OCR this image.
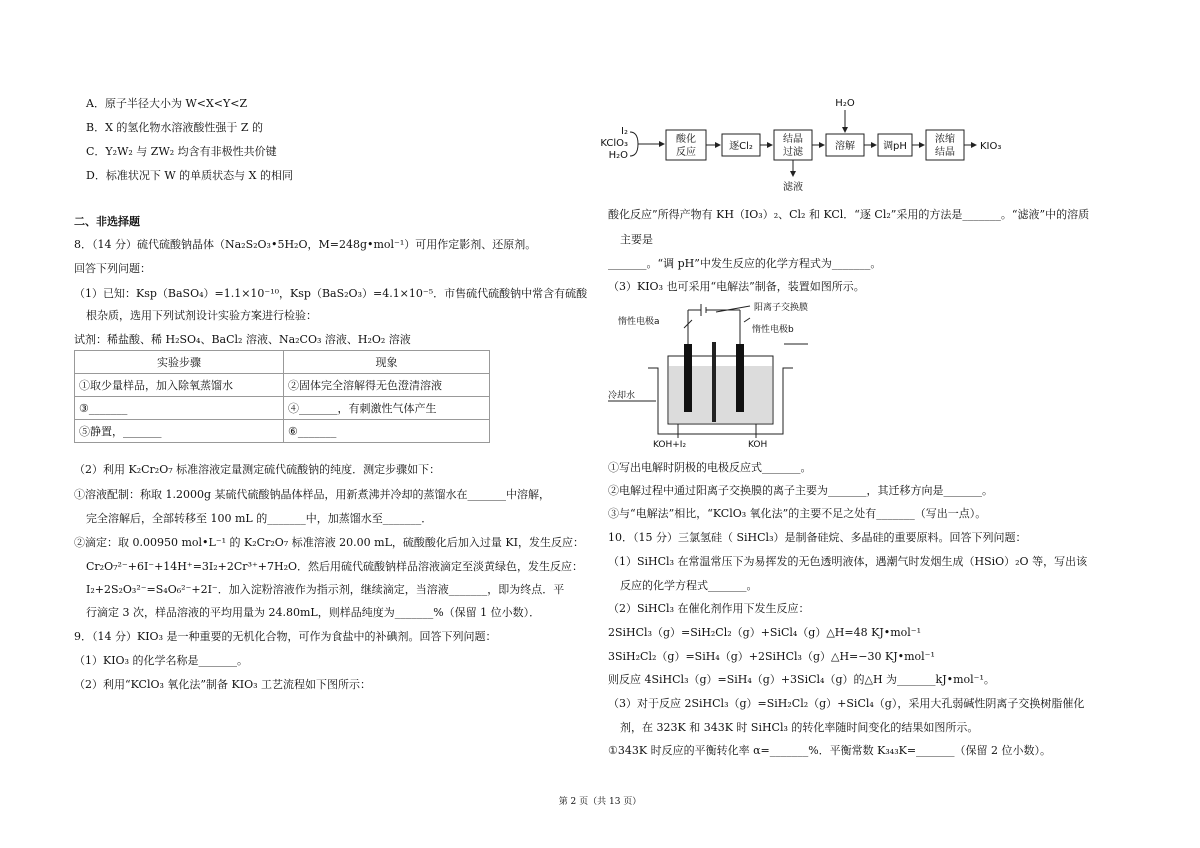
A．原子半径大小为 W<X<Y<Z
B．X 的氢化物水溶液酸性强于 Z 的
C．Y₂W₂ 与 ZW₂ 均含有非极性共价键
D．标准状况下 W 的单质状态与 X 的相同
二、非选择题
8．（14 分）硫代硫酸钠晶体（Na₂S₂O₃•5H₂O，M=248g•mol⁻¹）可用作定影剂、还原剂。
回答下列问题：
（1）已知：Ksp（BaSO₄）=1.1×10⁻¹⁰，Ksp（BaS₂O₃）=4.1×10⁻⁵．市售硫代硫酸钠中常含有硫酸
根杂质，选用下列试剂设计实验方案进行检验：
试剂：稀盐酸、稀 H₂SO₄、BaCl₂ 溶液、Na₂CO₃ 溶液、H₂O₂ 溶液
实验步骤	现象
①取少量样品，加入除氧蒸馏水	②固体完全溶解得无色澄清溶液
③_______	④_______，有刺激性气体产生
⑤静置，_______	⑥_______
（2）利用 K₂Cr₂O₇ 标准溶液定量测定硫代硫酸钠的纯度．测定步骤如下：
①溶液配制：称取 1.2000g 某硫代硫酸钠晶体样品，用新煮沸并冷却的蒸馏水在_______中溶解，
完全溶解后，全部转移至 100 mL 的_______中，加蒸馏水至_______．
②滴定：取 0.00950 mol•L⁻¹ 的 K₂Cr₂O₇ 标准溶液 20.00 mL，硫酸酸化后加入过量 KI，发生反应：
Cr₂O₇²⁻+6I⁻+14H⁺=3I₂+2Cr³⁺+7H₂O．然后用硫代硫酸钠样品溶液滴定至淡黄绿色，发生反应：
I₂+2S₂O₃²⁻=S₄O₆²⁻+2I⁻．加入淀粉溶液作为指示剂，继续滴定，当溶液_______，即为终点．平
行滴定 3 次，样品溶液的平均用量为 24.80mL，则样品纯度为_______%（保留 1 位小数）．
9．（14 分）KIO₃ 是一种重要的无机化合物，可作为食盐中的补碘剂。回答下列问题：
（1）KIO₃ 的化学名称是_______。
（2）利用“KClO₃ 氧化法”制备 KIO₃ 工艺流程如下图所示：
I₂
KClO₃
H₂O
酸化
反应
逐Cl₂
结晶
过滤
溶解
H₂O
调pH
浓缩
结晶
滤液
KIO₃
酸化反应”所得产物有 KH（IO₃）₂、Cl₂ 和 KCl．“逐 Cl₂”采用的方法是_______。“滤液”中的溶质
主要是
_______。“调 pH”中发生反应的化学方程式为_______。
（3）KIO₃ 也可采用“电解法”制备，装置如图所示。
惰性电极a
阳离子交换膜
惰性电极b
冷却水
KOH+I₂	KOH
①写出电解时阴极的电极反应式_______。
②电解过程中通过阳离子交换膜的离子主要为_______，其迁移方向是_______。
③与“电解法”相比，“KClO₃ 氧化法”的主要不足之处有_______（写出一点）。
10．（15 分）三氯氢硅（ SiHCl₃）是制备硅烷、多晶硅的重要原料。回答下列问题：
（1）SiHCl₃ 在常温常压下为易挥发的无色透明液体，遇潮气时发烟生成（HSiO）₂O 等，写出该
反应的化学方程式_______。
（2）SiHCl₃ 在催化剂作用下发生反应：
2SiHCl₃（g）=SiH₂Cl₂（g）+SiCl₄（g）△H=48 KJ•mol⁻¹
3SiH₂Cl₂（g）=SiH₄（g）+2SiHCl₃（g）△H=−30 KJ•mol⁻¹
则反应 4SiHCl₃（g）=SiH₄（g）+3SiCl₄（g）的△H 为_______kJ•mol⁻¹。
（3）对于反应 2SiHCl₃（g）=SiH₂Cl₂（g）+SiCl₄（g），采用大孔弱碱性阴离子交换树脂催化
剂，在 323K 和 343K 时 SiHCl₃ 的转化率随时间变化的结果如图所示。
①343K 时反应的平衡转化率 α=_______%．平衡常数 K₃₄₃K=_______（保留 2 位小数）。
第 2 页（共 13 页）
